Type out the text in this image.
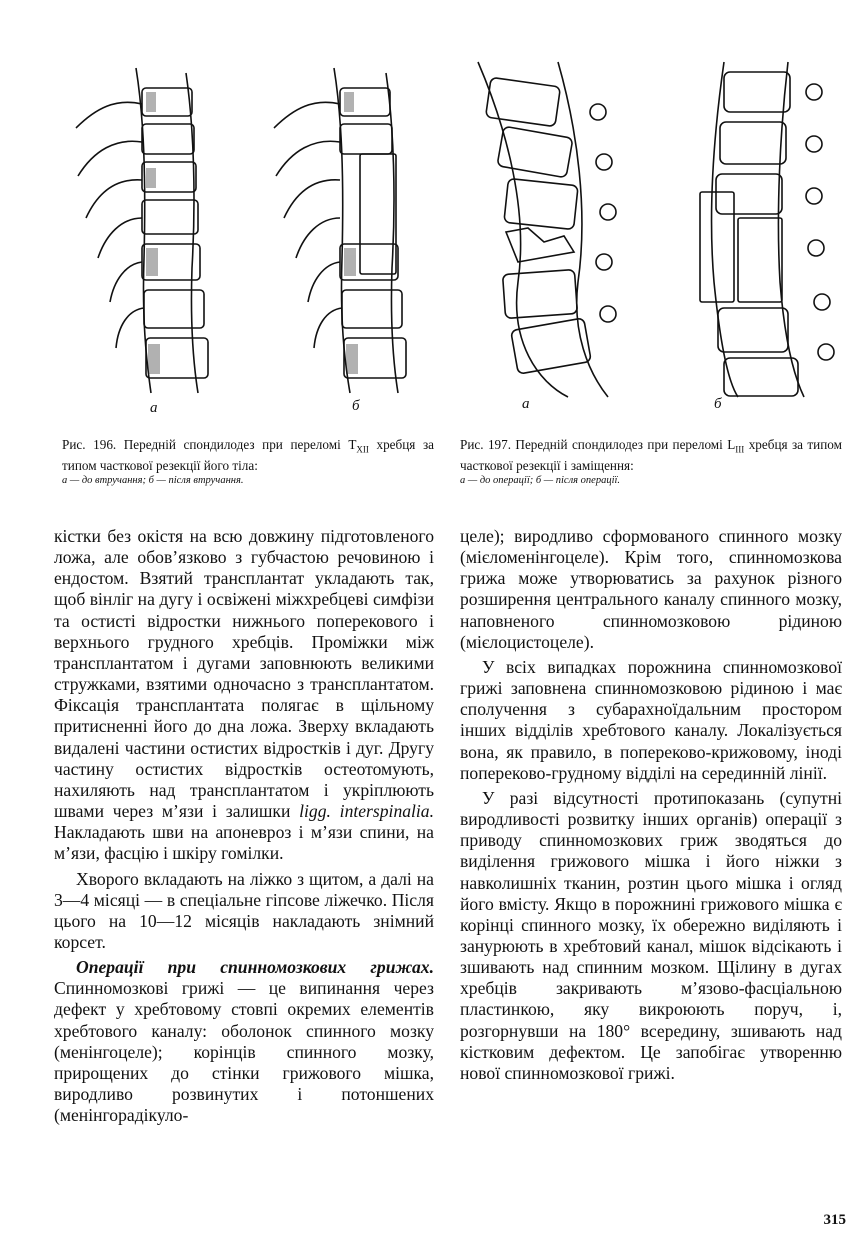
а	б	а	б
Рис. 196. Передній спондилодез при переломі $T_{XII}$ хребця за типом часткової резекції його тіла:
а — до втручання; б — після втручання.
Рис. 197. Передній спондилодез при переломі $L_{III}$ хребця за типом часткової резекції і заміщення:
а — до операції; б — після операції.

кістки без окістя на всю довжину підготовленого ложа, але обов’язково з губчастою речовиною і ендостом. Взятий трансплантат укладають так, щоб вінліг на дугу і освіжені міжхребцеві симфізи та остисті відростки нижнього поперекового і верхнього грудного хребців. Проміжки між трансплантатом і дугами заповнюють великими стружками, взятими одночасно з трансплантатом. Фіксація трансплантата полягає в щільному притисненні його до дна ложа. Зверху вкладають видалені частини остистих відростків і дуг. Другу частину остистих відростків остеотомують, нахиляють над трансплантатом і укріплюють швами через м’язи і залишки ligg. interspinalia. Накладають шви на апоневроз і м’язи спини, на м’язи, фасцію і шкіру гомілки.

Хворого вкладають на ліжко з щитом, а далі на 3—4 місяці — в спеціальне гіпсове ліжечко. Після цього на 10—12 місяців накладають знімний корсет.

Операції при спинномозкових грижах. Спинномозкові грижі — це випинання через дефект у хребтовому стовпі окремих елементів хребтового каналу: оболонок спинного мозку (менінгоцеле); корінців спинного мозку, прирощених до стінки грижового мішка, виродливо розвинутих і потоншених (менінгорадікуло-

целе); виродливо сформованого спинного мозку (мієломенінгоцеле). Крім того, спинномозкова грижа може утворюватись за рахунок різного розширення центрального каналу спинного мозку, наповненого спинномозковою рідиною (мієлоцистоцеле).

У всіх випадках порожнина спинномозкової грижі заповнена спинномозковою рідиною і має сполучення з субарахноїдальним простором інших відділів хребтового каналу. Локалізується вона, як правило, в попереково-крижовому, іноді попереково-грудному відділі на серединній лінії.

У разі відсутності протипоказань (супутні виродливості розвитку інших органів) операції з приводу спинномозкових гриж зводяться до виділення грижового мішка і його ніжки з навколишніх тканин, розтин цього мішка і огляд його вмісту. Якщо в порожнині грижового мішка є корінці спинного мозку, їх обережно виділяють і занурюють в хребтовий канал, мішок відсікають і зшивають над спинним мозком. Щілину в дугах хребців закривають м’язово-фасціальною пластинкою, яку викроюють поруч, і, розгорнувши на 180° всередину, зшивають над кістковим дефектом. Це запобігає утворенню нової спинномозкової грижі.

315
